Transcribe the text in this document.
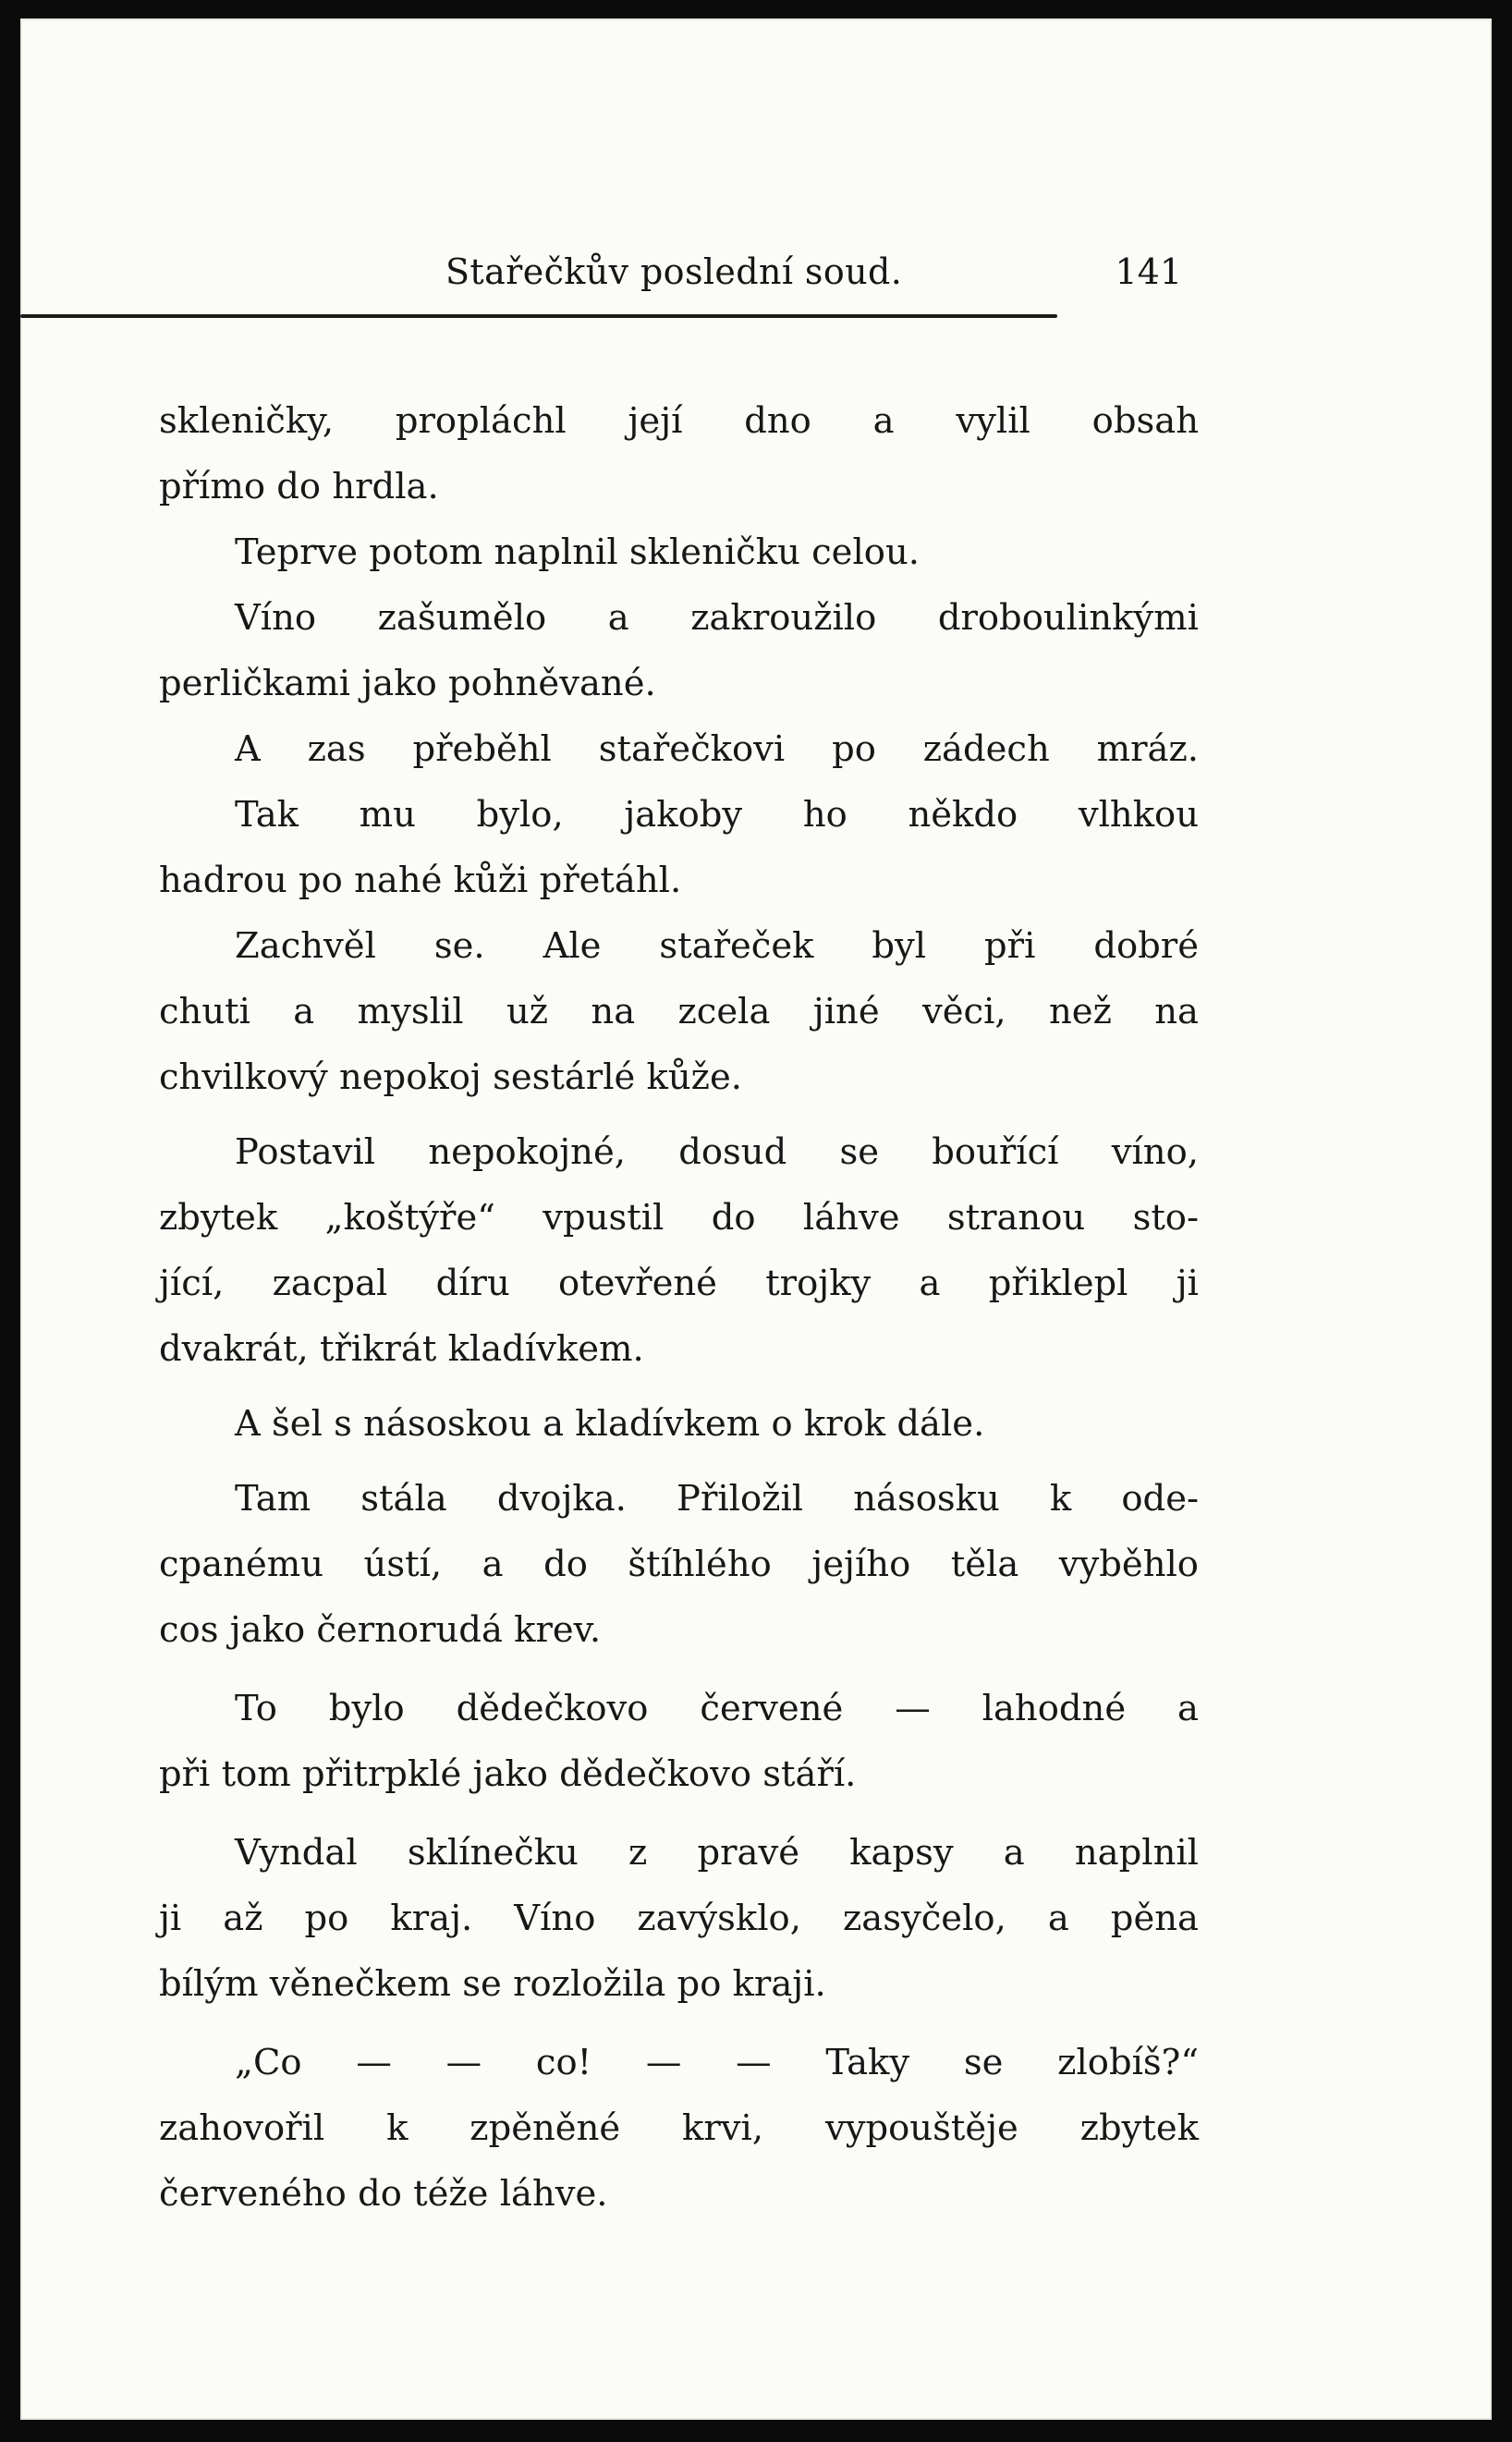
Stařečkův poslední soud.	141
skleničky, propláchl její dno a vylil obsah
přímo do hrdla.
Teprve potom naplnil skleničku celou.
Víno zašumělo a zakroužilo droboulinkými
perličkami jako pohněvané.
A zas přeběhl stařečkovi po zádech mráz.
Tak mu bylo, jakoby ho někdo vlhkou
hadrou po nahé kůži přetáhl.
Zachvěl se. Ale stařeček byl při dobré
chuti a myslil už na zcela jiné věci, než na
chvilkový nepokoj sestárlé kůže.
Postavil nepokojné, dosud se bouřící víno,
zbytek „koštýře“ vpustil do láhve stranou sto-
jící, zacpal díru otevřené trojky a přiklepl ji
dvakrát, třikrát kladívkem.
A šel s násoskou a kladívkem o krok dále.
Tam stála dvojka. Přiložil násosku k ode-
cpanému ústí, a do štíhlého jejího těla vyběhlo
cos jako černorudá krev.
To bylo dědečkovo červené — lahodné a
při tom přitrpklé jako dědečkovo stáří.
Vyndal sklínečku z pravé kapsy a naplnil
ji až po kraj. Víno zavýsklo, zasyčelo, a pěna
bílým věnečkem se rozložila po kraji.
„Co — — co! — — Taky se zlobíš?“
zahovořil k zpěněné krvi, vypouštěje zbytek
červeného do téže láhve.
